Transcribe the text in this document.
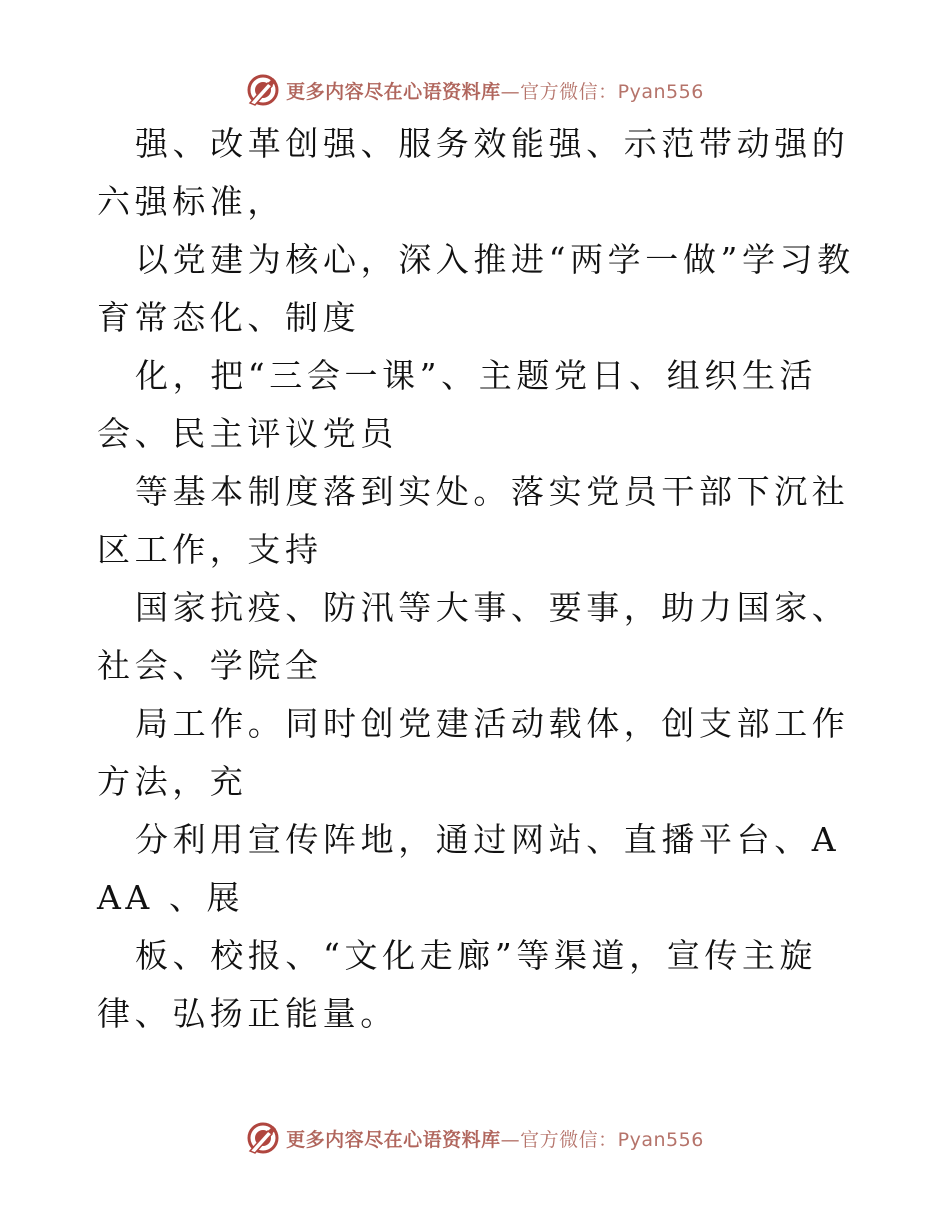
更多内容尽在心语资料库—官方微信：Pyan556

强、改革创强、服务效能强、示范带动强的六强标准，

以党建为核心，深入推进“两学一做”学习教育常态化、制度

化，把“三会一课”、主题党日、组织生活会、民主评议党员

等基本制度落到实处。落实党员干部下沉社区工作，支持

国家抗疫、防汛等大事、要事，助力国家、社会、学院全

局工作。同时创党建活动载体，创支部工作方法，充

分利用宣传阵地，通过网站、直播平台、AAA 、展

板、校报、“文化走廊”等渠道，宣传主旋律、弘扬正能量。

更多内容尽在心语资料库—官方微信：Pyan556
